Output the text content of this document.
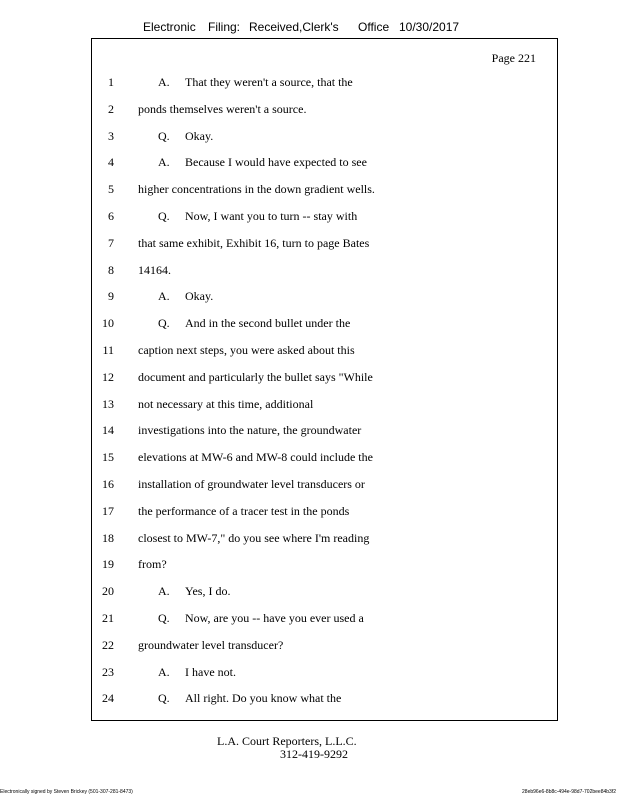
Electronic Filing: Received,Clerk's Office 10/30/2017
Page 221
1	A. That they weren't a source, that the
2 ponds themselves weren't a source.
3	Q. Okay.
4	A. Because I would have expected to see
5 higher concentrations in the down gradient wells.
6	Q. Now, I want you to turn -- stay with
7 that same exhibit, Exhibit 16, turn to page Bates
8 14164.
9	A. Okay.
10	Q. And in the second bullet under the
11 caption next steps, you were asked about this
12 document and particularly the bullet says "While
13 not necessary at this time, additional
14 investigations into the nature, the groundwater
15 elevations at MW-6 and MW-8 could include the
16 installation of groundwater level transducers or
17 the performance of a tracer test in the ponds
18 closest to MW-7," do you see where I'm reading
19 from?
20	A. Yes, I do.
21	Q. Now, are you -- have you ever used a
22 groundwater level transducer?
23	A. I have not.
24	Q. All right. Do you know what the
L.A. Court Reporters, L.L.C.
312-419-9292
Electronically signed by Steven Brickey (501-307-281-8473)	28eb96e6-8b8c-494e-98d7-702bee84b3f2
